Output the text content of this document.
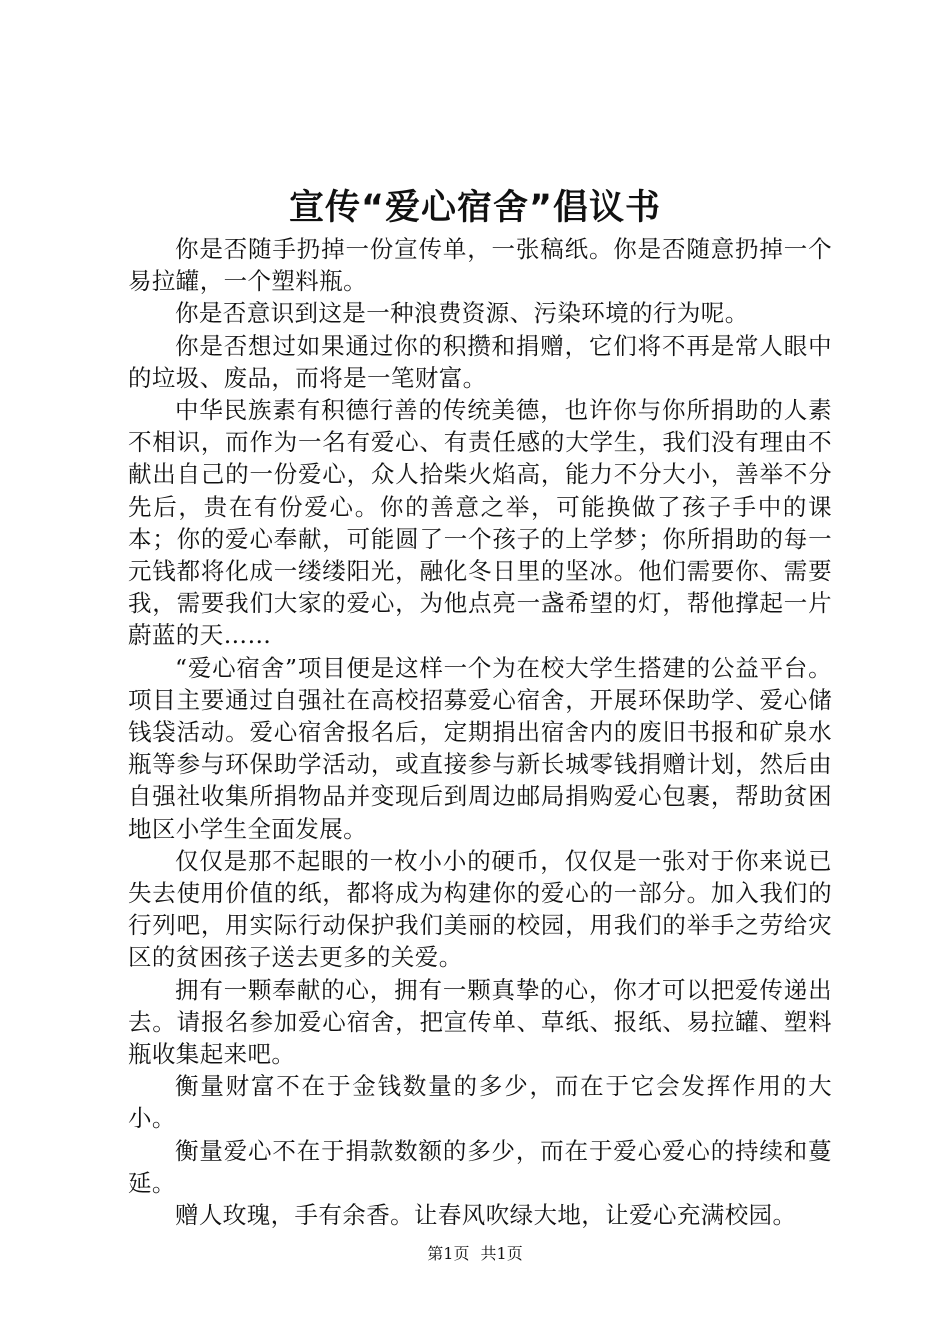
宣传“爱心宿舍”倡议书

你是否随手扔掉一份宣传单，一张稿纸。你是否随意扔掉一个易拉罐，一个塑料瓶。

你是否意识到这是一种浪费资源、污染环境的行为呢。

你是否想过如果通过你的积攒和捐赠，它们将不再是常人眼中的垃圾、废品，而将是一笔财富。

中华民族素有积德行善的传统美德，也许你与你所捐助的人素不相识，而作为一名有爱心、有责任感的大学生，我们没有理由不献出自己的一份爱心，众人拾柴火焰高，能力不分大小，善举不分先后，贵在有份爱心。你的善意之举，可能换做了孩子手中的课本；你的爱心奉献，可能圆了一个孩子的上学梦；你所捐助的每一元钱都将化成一缕缕阳光，融化冬日里的坚冰。他们需要你、需要我，需要我们大家的爱心，为他点亮一盏希望的灯，帮他撑起一片蔚蓝的天……

“爱心宿舍”项目便是这样一个为在校大学生搭建的公益平台。项目主要通过自强社在高校招募爱心宿舍，开展环保助学、爱心储钱袋活动。爱心宿舍报名后，定期捐出宿舍内的废旧书报和矿泉水瓶等参与环保助学活动，或直接参与新长城零钱捐赠计划，然后由自强社收集所捐物品并变现后到周边邮局捐购爱心包裹，帮助贫困地区小学生全面发展。

仅仅是那不起眼的一枚小小的硬币，仅仅是一张对于你来说已失去使用价值的纸，都将成为构建你的爱心的一部分。加入我们的行列吧，用实际行动保护我们美丽的校园，用我们的举手之劳给灾区的贫困孩子送去更多的关爱。

拥有一颗奉献的心，拥有一颗真挚的心，你才可以把爱传递出去。请报名参加爱心宿舍，把宣传单、草纸、报纸、易拉罐、塑料瓶收集起来吧。

衡量财富不在于金钱数量的多少，而在于它会发挥作用的大小。

衡量爱心不在于捐款数额的多少，而在于爱心爱心的持续和蔓延。

赠人玫瑰，手有余香。让春风吹绿大地，让爱心充满校园。

第1页 共1页
